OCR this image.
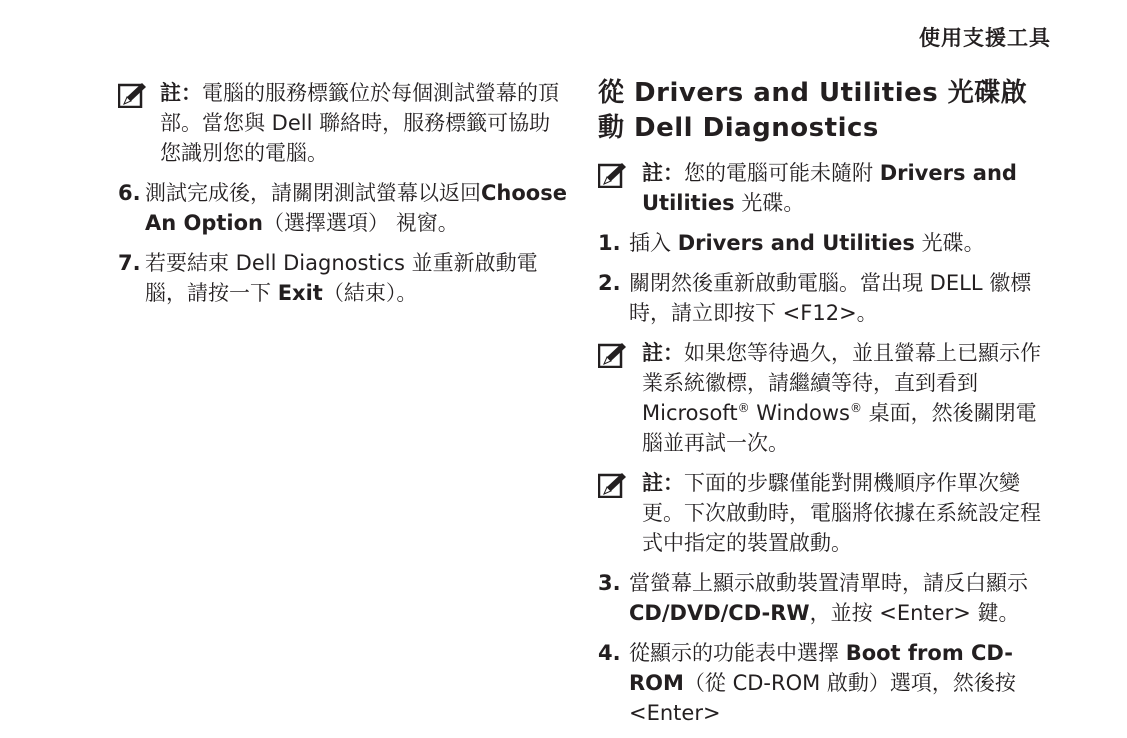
使用支援工具
註：電腦的服務標籤位於每個測試螢幕的頂部。當您與 Dell 聯絡時，服務標籤可協助您識別您的電腦。
6. 測試完成後，請關閉測試螢幕以返回Choose An Option（選擇選項） 視窗。
7. 若要結束 Dell Diagnostics 並重新啟動電腦，請按一下 Exit（結束）。
從 Drivers and Utilities 光碟啟動 Dell Diagnostics
註：您的電腦可能未隨附 Drivers and Utilities 光碟。
1. 插入 Drivers and Utilities 光碟。
2. 關閉然後重新啟動電腦。當出現 DELL 徽標時，請立即按下 <F12>。
註：如果您等待過久，並且螢幕上已顯示作業系統徽標，請繼續等待，直到看到 Microsoft® Windows® 桌面，然後關閉電腦並再試一次。
註：下面的步驟僅能對開機順序作單次變更。下次啟動時，電腦將依據在系統設定程式中指定的裝置啟動。
3. 當螢幕上顯示啟動裝置清單時，請反白顯示 CD/DVD/CD-RW，並按 <Enter> 鍵。
4. 從顯示的功能表中選擇 Boot from CD-ROM（從 CD-ROM 啟動）選項，然後按 <Enter>
